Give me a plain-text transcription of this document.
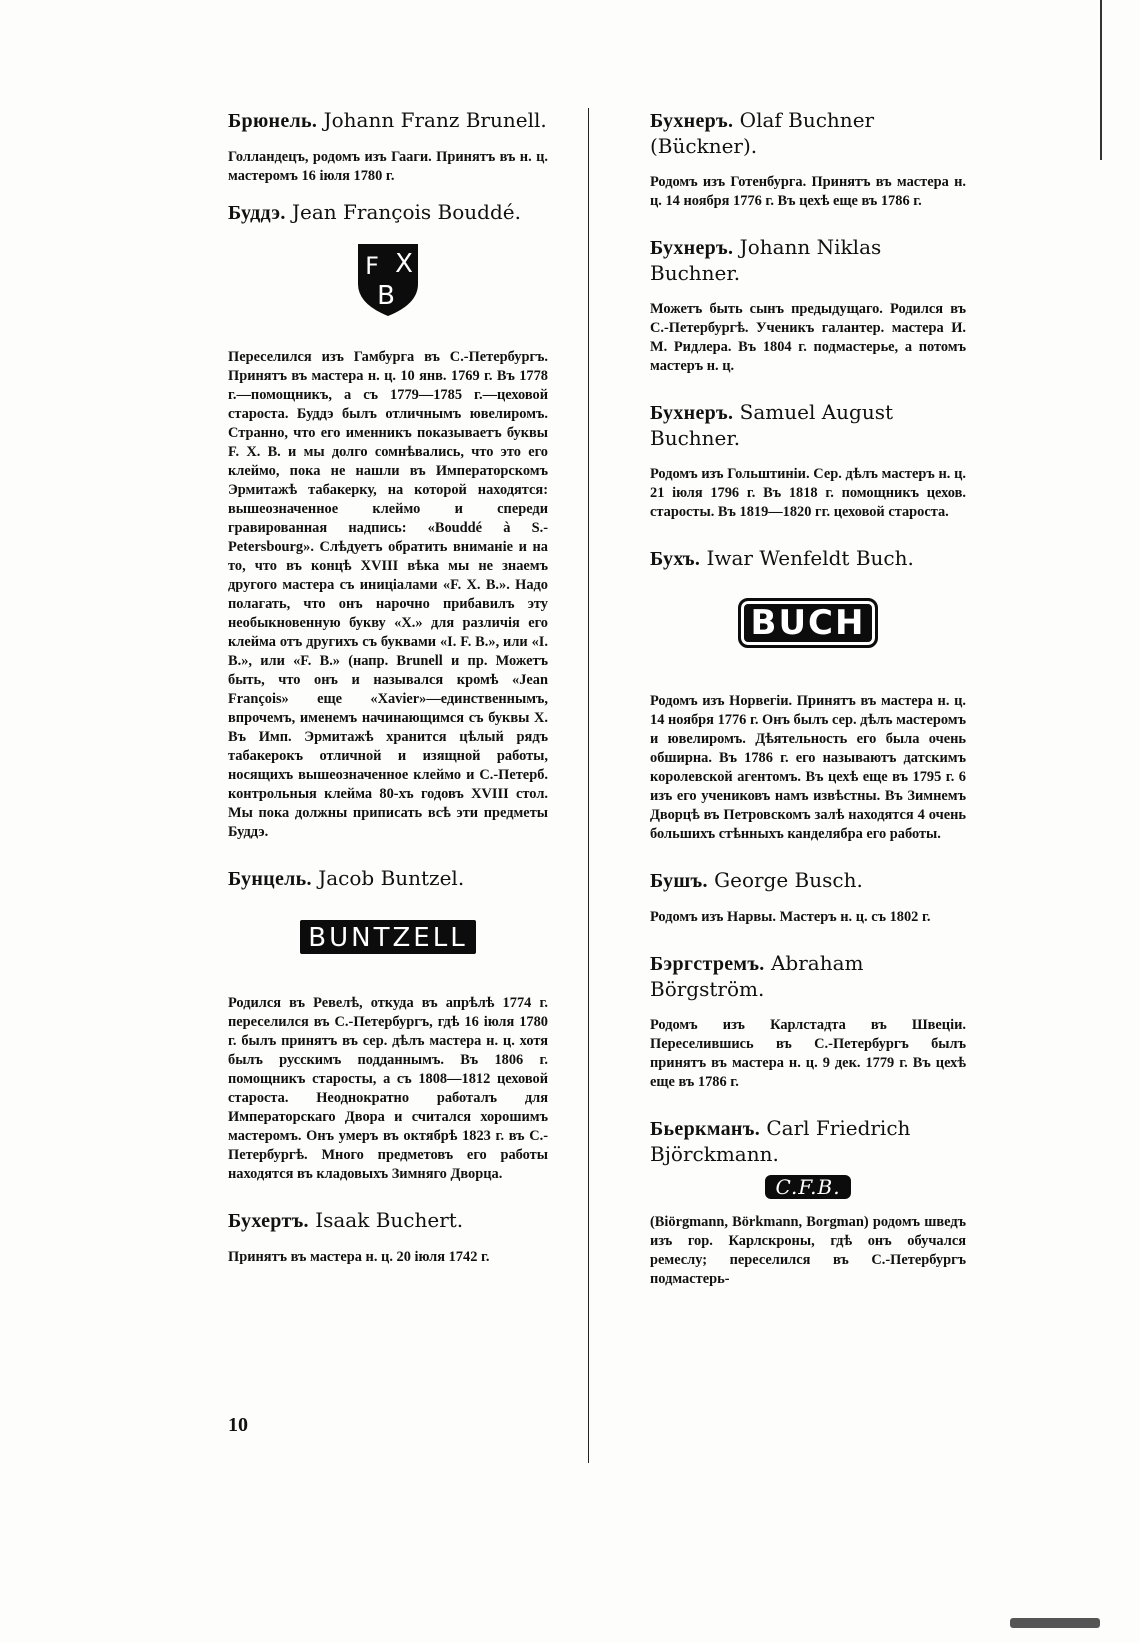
Брюнель. Johann Franz Brunell.

Голландецъ, родомъ изъ Гааги. Принятъ въ н. ц. мастеромъ 16 іюля 1780 г.

Буддэ. Jean François Bouddé.
F X
B

Переселился изъ Гамбурга въ С.-Петербургъ. Принятъ въ мастера н. ц. 10 янв. 1769 г. Въ 1778 г.—помощникъ, а съ 1779—1785 г.—цеховой староста. Буддэ былъ отличнымъ ювелиромъ. Странно, что его именникъ показываетъ буквы F. X. B. и мы долго сомнѣвались, что это его клеймо, пока не нашли въ Императорскомъ Эрмитажѣ табакерку, на которой находятся: вышеозначенное клеймо и спереди гравированная надпись: «Bouddé à S.-Petersbourg». Слѣдуетъ обратить вниманіе и на то, что въ концѣ XVIII вѣка мы не знаемъ другого мастера съ иниціалами «F. X. B.». Надо полагать, что онъ нарочно прибавилъ эту необыкновенную букву «X.» для различія его клейма отъ другихъ съ буквами «I. F. B.», или «I. B.», или «F. B.» (напр. Brunell и пр. Можетъ быть, что онъ и назывался кромѣ «Jean François» еще «Xavier»—единственнымъ, впрочемъ, именемъ начинающимся съ буквы X. Въ Имп. Эрмитажѣ хранится цѣлый рядъ табакерокъ отличной и изящной работы, носящихъ вышеозначенное клеймо и С.-Петерб. контрольныя клейма 80-хъ годовъ XVIII стол. Мы пока должны приписать всѣ эти предметы Буддэ.

Бунцель. Jacob Buntzel.
BUNTZELL

Родился въ Ревелѣ, откуда въ апрѣлѣ 1774 г. переселился въ С.-Петербургъ, гдѣ 16 іюля 1780 г. былъ принятъ въ сер. дѣлъ мастера н. ц. хотя былъ русскимъ подданнымъ. Въ 1806 г. помощникъ старосты, а съ 1808—1812 цеховой староста. Неоднократно работалъ для Императорскаго Двора и считался хорошимъ мастеромъ. Онъ умеръ въ октябрѣ 1823 г. въ С.-Петербургѣ. Много предметовъ его работы находятся въ кладовыхъ Зимняго Дворца.

Бухертъ. Isaak Buchert.

Принятъ въ мастера н. ц. 20 іюля 1742 г.

10
Бухнеръ. Olaf Buchner (Bückner).

Родомъ изъ Готенбурга. Принятъ въ мастера н. ц. 14 ноября 1776 г. Въ цехѣ еще въ 1786 г.

Бухнеръ. Johann Niklas Buchner.

Можетъ быть сынъ предыдущаго. Родился въ С.-Петербургѣ. Ученикъ галантер. мастера И. М. Ридлера. Въ 1804 г. подмастерье, а потомъ мастеръ н. ц.

Бухнеръ. Samuel August Buchner.

Родомъ изъ Гольштиніи. Сер. дѣлъ мастеръ н. ц. 21 іюля 1796 г. Въ 1818 г. помощникъ цехов. старосты. Въ 1819—1820 гг. цеховой староста.

Бухъ. Iwar Wenfeldt Buch.
BUCH

Родомъ изъ Норвегіи. Принятъ въ мастера н. ц. 14 ноября 1776 г. Онъ былъ сер. дѣлъ мастеромъ и ювелиромъ. Дѣятельность его была очень обширна. Въ 1786 г. его называютъ датскимъ королевской агентомъ. Въ цехѣ еще въ 1795 г. 6 изъ его учениковъ намъ извѣстны. Въ Зимнемъ Дворцѣ въ Петровскомъ залѣ находятся 4 очень большихъ стѣнныхъ канделябра его работы.

Бушъ. George Busch.

Родомъ изъ Нарвы. Мастеръ н. ц. съ 1802 г.

Бэргстремъ. Abraham Börgström.

Родомъ изъ Карлстадта въ Швеціи. Переселившись въ С.-Петербургъ былъ принятъ въ мастера н. ц. 9 дек. 1779 г. Въ цехѣ еще въ 1786 г.

Бьеркманъ. Carl Friedrich Björckmann.
C.F.B.

(Biörgmann, Börkmann, Borgman) родомъ шведъ изъ гор. Карлскроны, гдѣ онъ обучался ремеслу; переселился въ С.-Петербургъ подмастерь-
